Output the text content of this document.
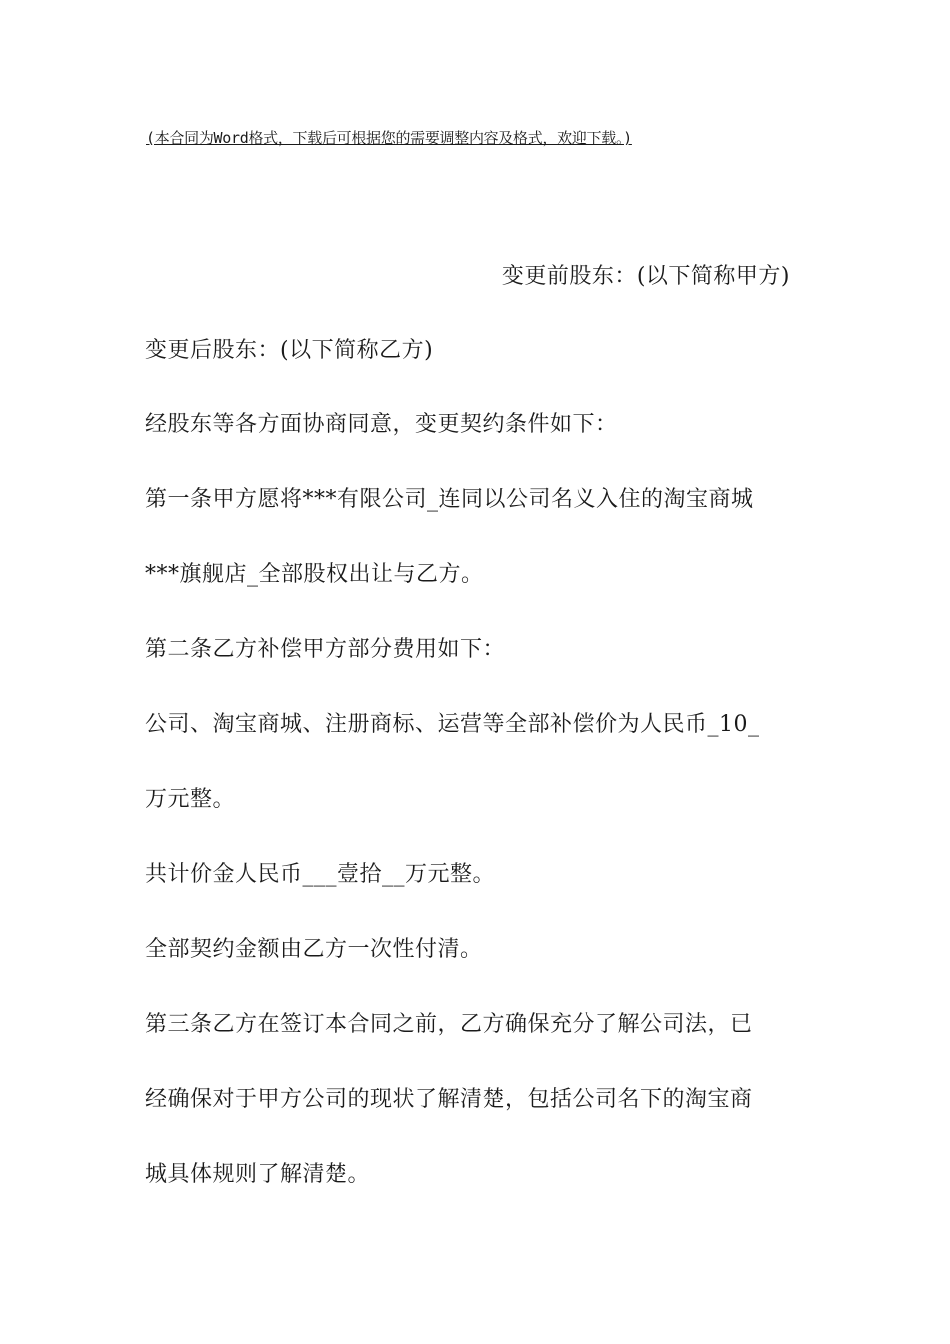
(本合同为Word格式，下载后可根据您的需要调整内容及格式，欢迎下载。)
变更前股东：(以下简称甲方)
变更后股东：(以下简称乙方)
经股东等各方面协商同意，变更契约条件如下：
第一条甲方愿将***有限公司_连同以公司名义入住的淘宝商城
***旗舰店_全部股权出让与乙方。
第二条乙方补偿甲方部分费用如下：
公司、淘宝商城、注册商标、运营等全部补偿价为人民币_10_
万元整。
共计价金人民币___壹拾__万元整。
全部契约金额由乙方一次性付清。
第三条乙方在签订本合同之前，乙方确保充分了解公司法，已
经确保对于甲方公司的现状了解清楚，包括公司名下的淘宝商
城具体规则了解清楚。
